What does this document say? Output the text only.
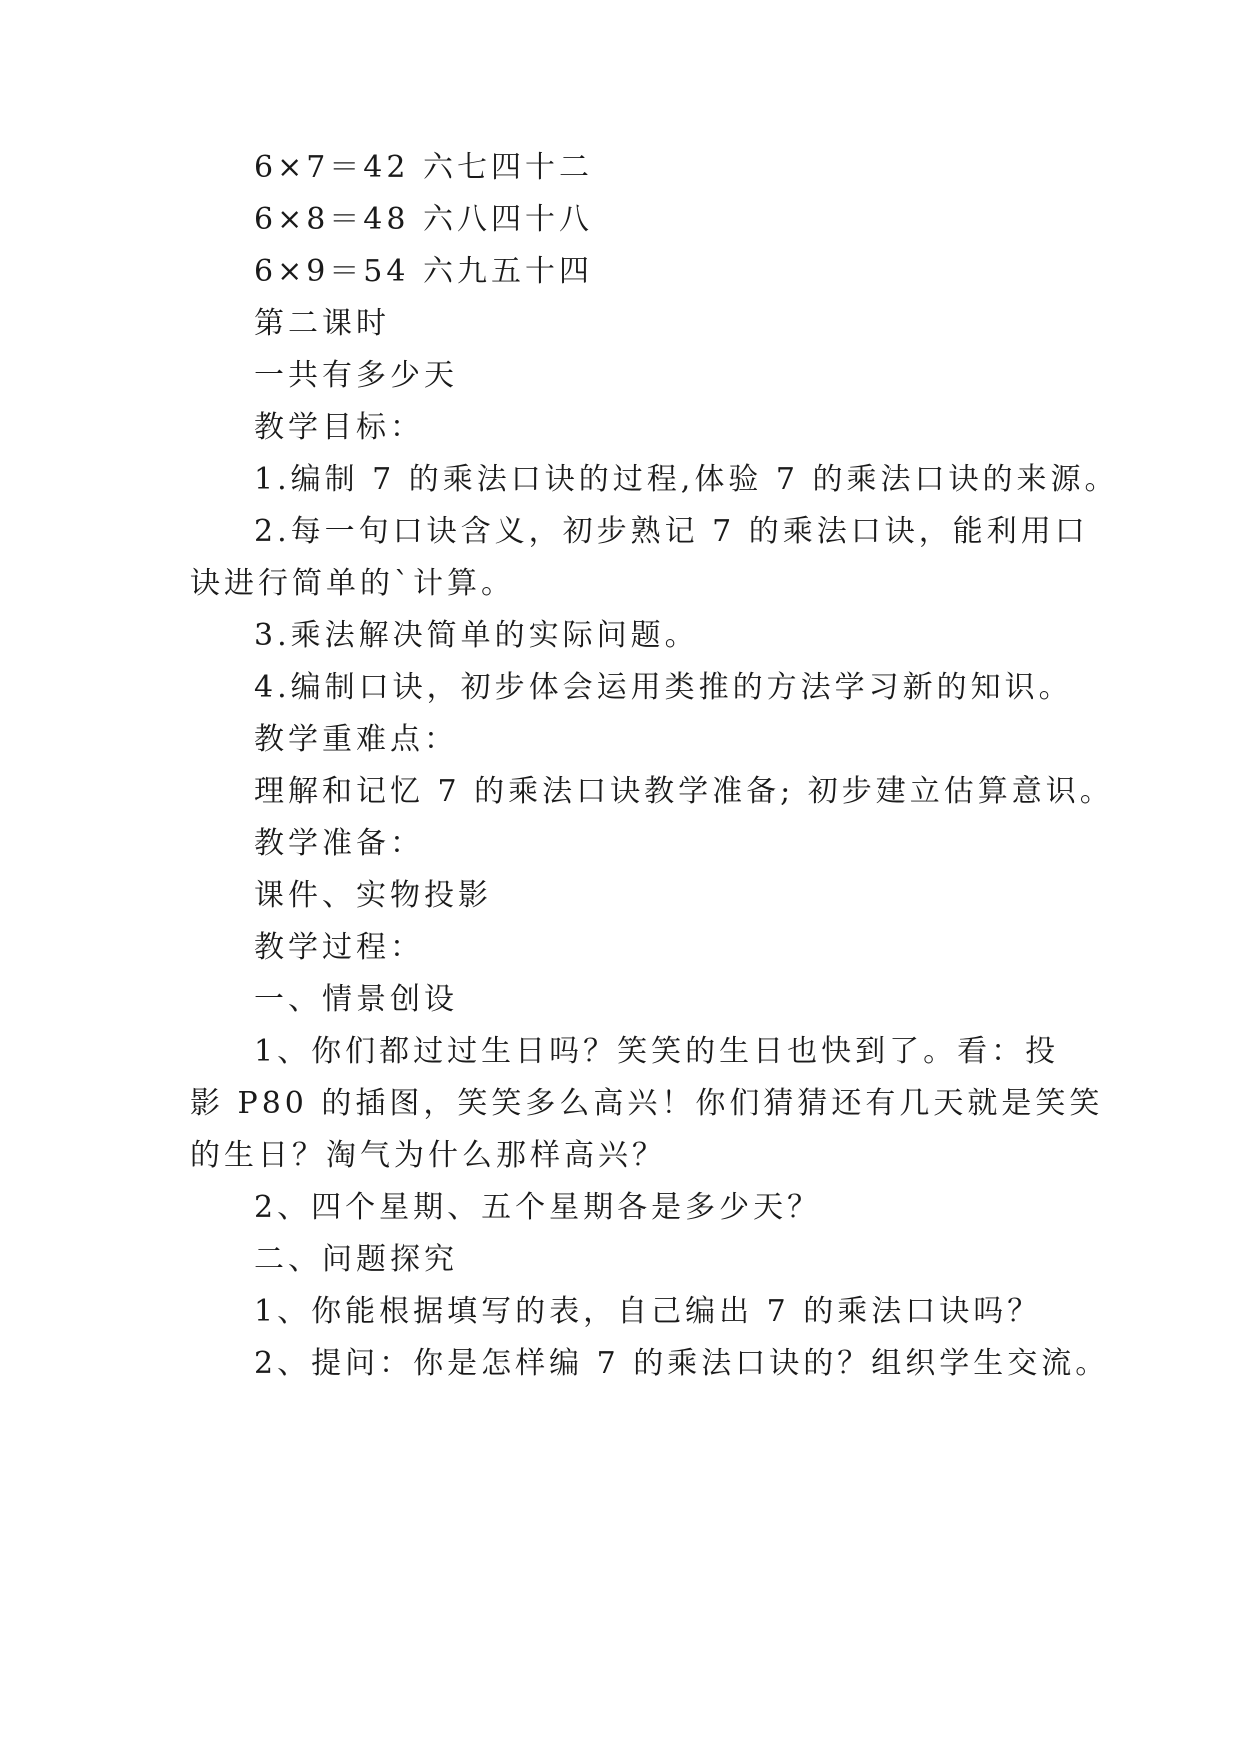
6×7＝42 六七四十二
6×8＝48 六八四十八
6×9＝54 六九五十四
第二课时
一共有多少天
教学目标：
1.编制 7 的乘法口诀的过程,体验 7 的乘法口诀的来源。
2.每一句口诀含义，初步熟记 7 的乘法口诀，能利用口
诀进行简单的`计算。
3.乘法解决简单的实际问题。
4.编制口诀，初步体会运用类推的方法学习新的知识。
教学重难点：
理解和记忆 7 的乘法口诀教学准备; 初步建立估算意识。
教学准备：
课件、实物投影
教学过程：
一、情景创设
1、你们都过过生日吗？笑笑的生日也快到了。看：投
影 P80 的插图，笑笑多么高兴！你们猜猜还有几天就是笑笑
的生日？淘气为什么那样高兴？
2、四个星期、五个星期各是多少天？
二、问题探究
1、你能根据填写的表，自己编出 7 的乘法口诀吗？
2、提问：你是怎样编 7 的乘法口诀的？组织学生交流。
